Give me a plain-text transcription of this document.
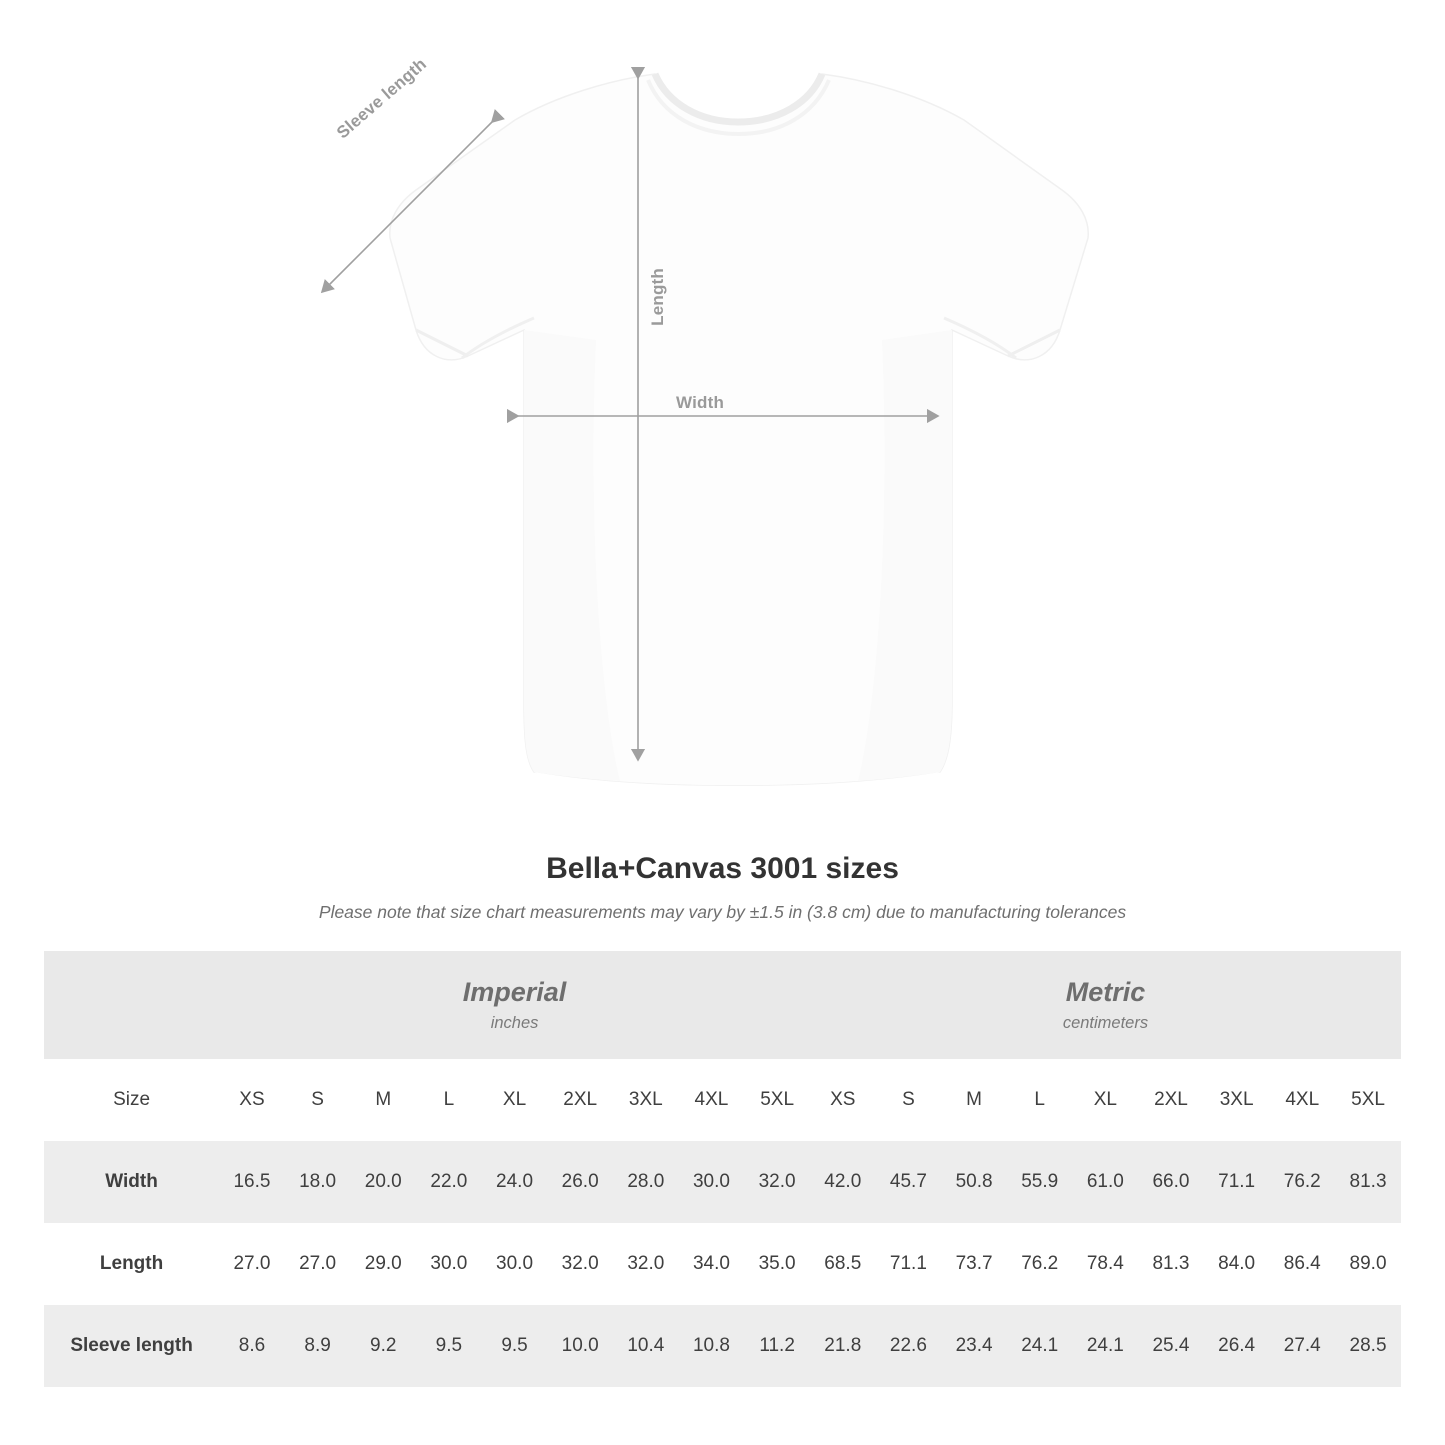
Length
Width
Sleeve length
Bella+Canvas 3001 sizes
Please note that size chart measurements may vary by ±1.5 in (3.8 cm) due to manufacturing tolerances

Imperial
inches

Metric
centimeters

Size	XS	S	M	L	XL	2XL	3XL	4XL	5XL	XS	S	M	L	XL	2XL	3XL	4XL	5XL
Width	16.5	18.0	20.0	22.0	24.0	26.0	28.0	30.0	32.0	42.0	45.7	50.8	55.9	61.0	66.0	71.1	76.2	81.3
Length	27.0	27.0	29.0	30.0	30.0	32.0	32.0	34.0	35.0	68.5	71.1	73.7	76.2	78.4	81.3	84.0	86.4	89.0
Sleeve length	8.6	8.9	9.2	9.5	9.5	10.0	10.4	10.8	11.2	21.8	22.6	23.4	24.1	24.1	25.4	26.4	27.4	28.5
